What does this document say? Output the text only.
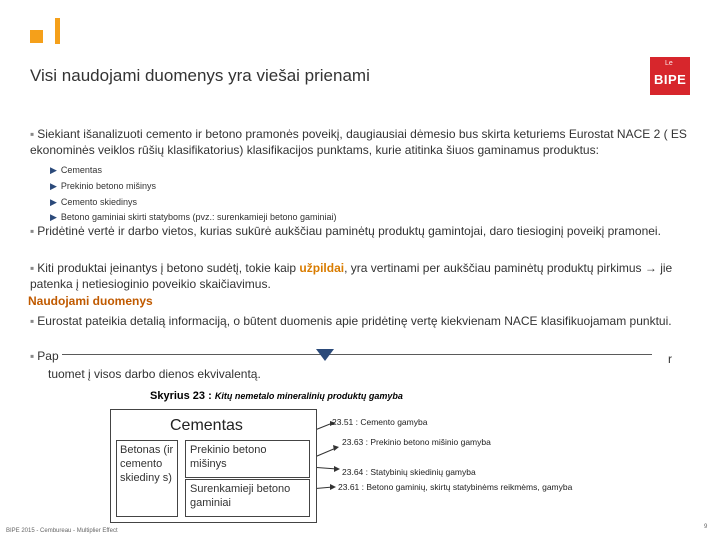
Visi naudojami duomenys yra viešai prienami
Le
BIPE
▪ Siekiant išanalizuoti cemento ir betono pramonės poveikį, daugiausiai dėmesio bus skirta keturiems Eurostat NACE 2 ( ES ekonominės veiklos rūšių klasifikatorius) klasifikacijos punktams, kurie atitinka šiuos gaminamus produktus:
▶ Cementas
▶ Prekinio betono mišinys
▶ Cemento skiedinys
▶ Betono gaminiai skirti statyboms (pvz.: surenkamieji betono gaminiai)
▪ Pridėtinė vertė ir darbo vietos, kurias sukūrė aukščiau paminėtų produktų gamintojai, daro tiesioginį poveikį pramonei.
▪ Kiti produktai įeinantys į betono sudėtį, tokie kaip užpildai, yra vertinami per aukščiau paminėtų produktų pirkimus → jie patenka į netiesioginio poveikio skaičiavimus.
Naudojami duomenys
▪ Eurostat pateikia detalią informaciją, o būtent duomenis apie pridėtinę vertę kiekvienam NACE klasifikuojamam punktui.
▪ Pap	r
tuomet į visos darbo dienos ekvivalentą.
Skyrius 23 : Kitų nemetalo mineralinių produktų gamyba
Cementas
Betonas (ir cemento skiediny s)
Prekinio betono mišinys
Surenkamieji betono gaminiai
23.51 : Cemento gamyba
23.63 : Prekinio betono mišinio gamyba
23.64 : Statybinių skiedinių gamyba
23.61 : Betono gaminių, skirtų statybinėms reikmėms, gamyba
BIPE 2015 - Cembureau - Multiplier Effect
9
